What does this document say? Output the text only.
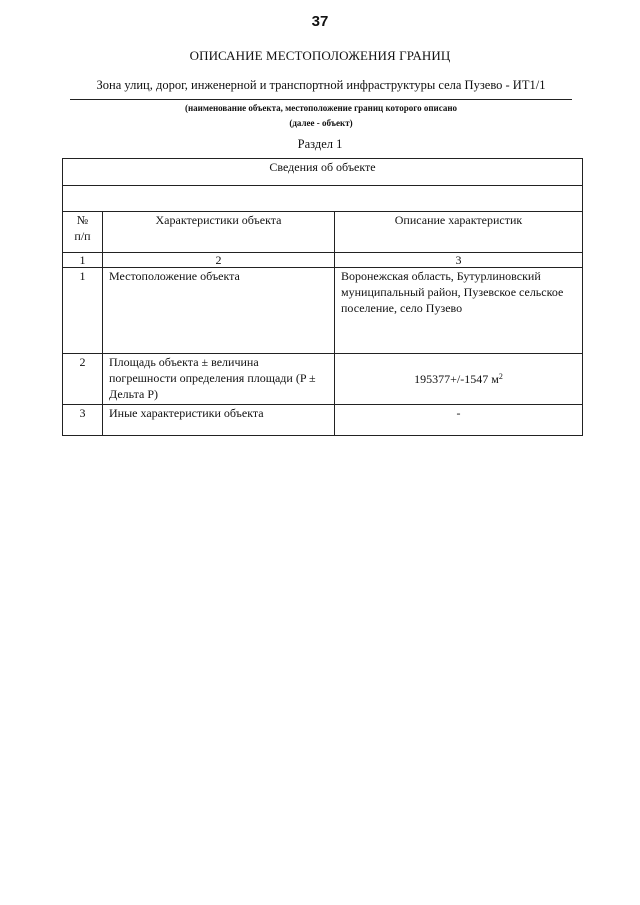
37
ОПИСАНИЕ МЕСТОПОЛОЖЕНИЯ ГРАНИЦ
Зона улиц, дорог, инженерной и транспортной инфраструктуры села Пузево - ИТ1/1
(наименование объекта, местоположение границ которого описано
(далее - объект)
Раздел 1
Сведения об объекте		

№
п/п	Характеристики объекта	Описание характеристик
1	2	3
1	Местоположение объекта	Воронежская область, Бутурлиновский муниципальный район, Пузевское сельское поселение, село Пузево
2	Площадь объекта ± величина погрешности определения площади (P ± Дельта P)	195377+/-1547 $м^2$
3	Иные характеристики объекта	-
